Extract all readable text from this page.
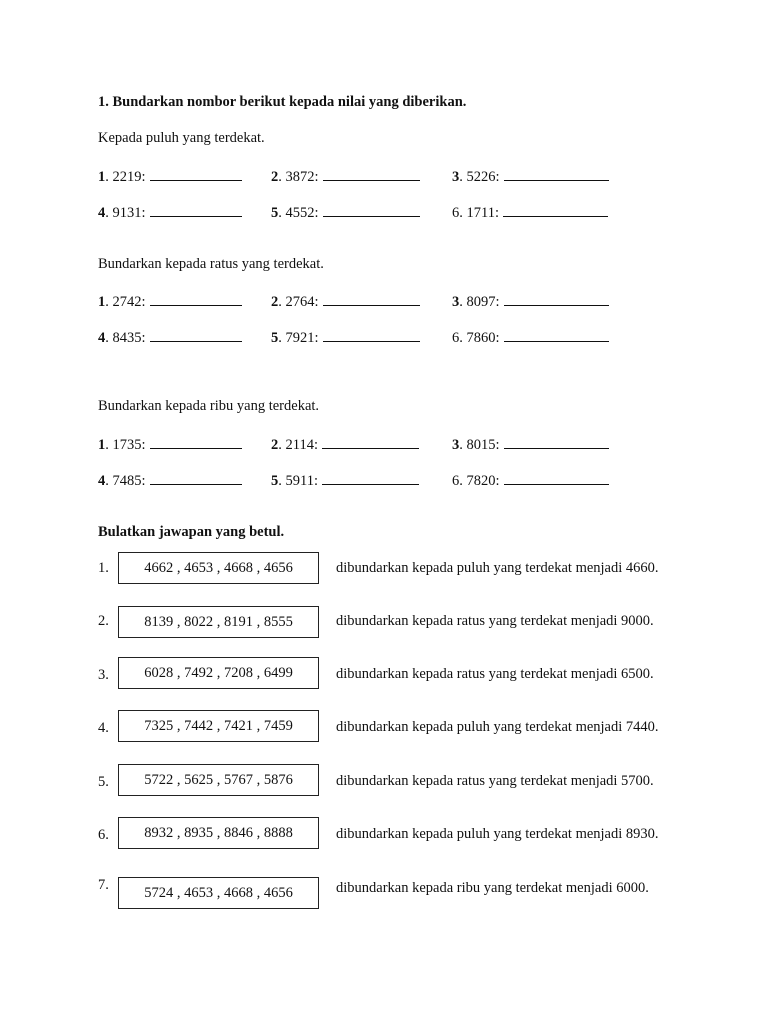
1. Bundarkan nombor berikut kepada nilai yang diberikan.
Kepada puluh yang terdekat.
1 . 2219:	2 . 3872:	3 . 5226:
4 . 9131:	5 . 4552:	6 . 1711:
Bundarkan kepada ratus yang terdekat.
1 . 2742:	2 . 2764:	3 . 8097:
4 . 8435:	5 . 7921:	6 . 7860:
Bundarkan kepada ribu yang terdekat.
1 . 1735:	2 . 2114:	3 . 8015:
4 . 7485:	5 . 5911:	6 . 7820:
Bulatkan jawapan yang betul.
1. 4662 , 4653 , 4668 , 4656	dibundarkan kepada puluh yang terdekat menjadi 4660.
2. 8139 , 8022 , 8191 , 8555	dibundarkan kepada ratus yang terdekat menjadi 9000.
3. 6028 , 7492 , 7208 , 6499	dibundarkan kepada ratus yang terdekat menjadi 6500.
4. 7325 , 7442 , 7421 , 7459	dibundarkan kepada puluh yang terdekat menjadi 7440.
5. 5722 , 5625 , 5767 , 5876	dibundarkan kepada ratus yang terdekat menjadi 5700.
6. 8932 , 8935 , 8846 , 8888	dibundarkan kepada puluh yang terdekat menjadi 8930.
7. 5724 , 4653 , 4668 , 4656	dibundarkan kepada ribu yang terdekat menjadi 6000.
